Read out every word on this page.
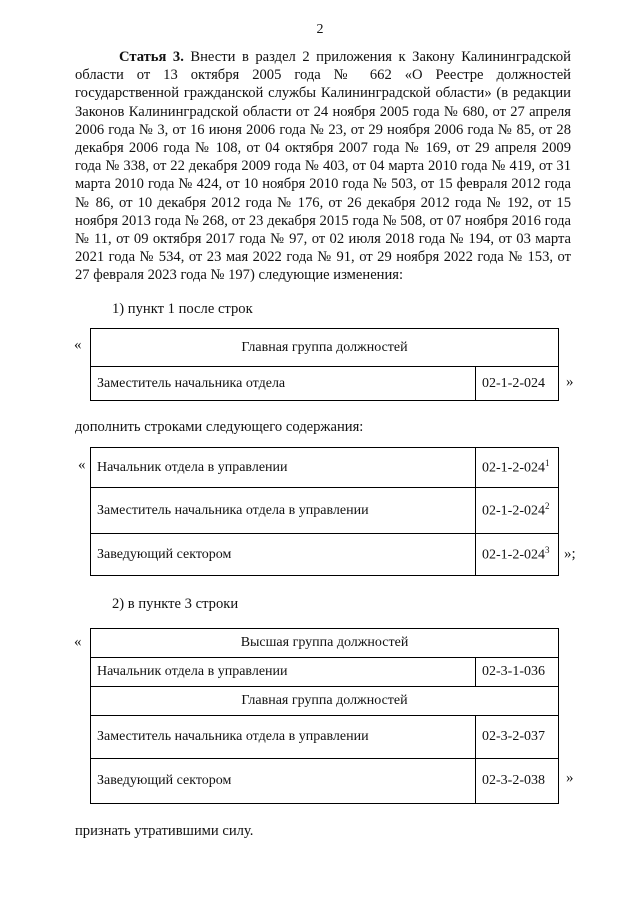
2
Статья 3. Внести в раздел 2 приложения к Закону Калининградской области от 13 октября 2005 года № 662 «О Реестре должностей государственной гражданской службы Калининградской области» (в редакции Законов Калининградской области от 24 ноября 2005 года № 680, от 27 апреля 2006 года № 3, от 16 июня 2006 года № 23, от 29 ноября 2006 года № 85, от 28 декабря 2006 года № 108, от 04 октября 2007 года № 169, от 29 апреля 2009 года № 338, от 22 декабря 2009 года № 403, от 04 марта 2010 года № 419, от 31 марта 2010 года № 424, от 10 ноября 2010 года № 503, от 15 февраля 2012 года № 86, от 10 декабря 2012 года № 176, от 26 декабря 2012 года № 192, от 15 ноября 2013 года № 268, от 23 декабря 2015 года № 508, от 07 ноября 2016 года № 11, от 09 октября 2017 года № 97, от 02 июля 2018 года № 194, от 03 марта 2021 года № 534, от 23 мая 2022 года № 91, от 29 ноября 2022 года № 153, от 27 февраля 2023 года № 197) следующие изменения:
1) пункт 1 после строк
«	Главная группа должностей
Заместитель начальника отдела	02-1-2-024 »
дополнить строками следующего содержания:
« Начальник отдела в управлении	$02-1-2-024^1$
Заместитель начальника отдела в управлении	$02-1-2-024^2$
Заведующий сектором	$02-1-2-024^3$ »;
2) в пункте 3 строки
«	Высшая группа должностей	
Начальник отдела в управлении	02-3-1-036
Главная группа должностей	
Заместитель начальника отдела в управлении	02-3-2-037
Заведующий сектором	02-3-2-038 »
признать утратившими силу.
